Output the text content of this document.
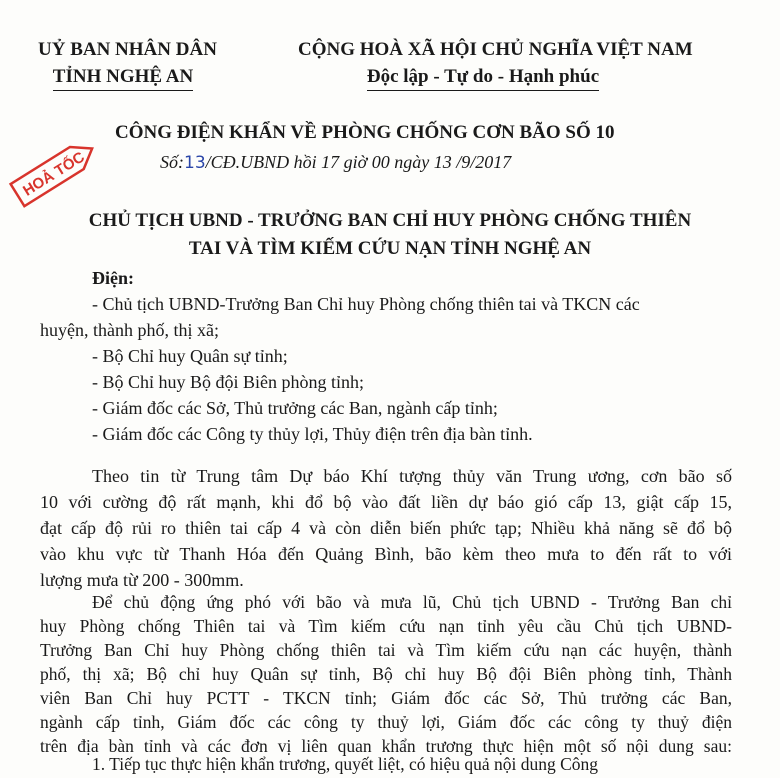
UỶ BAN NHÂN DÂN
TỈNH NGHỆ AN
CỘNG HOÀ XÃ HỘI CHỦ NGHĨA VIỆT NAM
Độc lập - Tự do - Hạnh phúc
HOẢ TỐC
CÔNG ĐIỆN KHẨN VỀ PHÒNG CHỐNG CƠN BÃO SỐ 10
Số:13/CĐ.UBND hồi 17 giờ 00 ngày 13 /9/2017
CHỦ TỊCH UBND - TRƯỞNG BAN CHỈ HUY PHÒNG CHỐNG THIÊN
TAI VÀ TÌM KIẾM CỨU NẠN TỈNH NGHỆ AN
Điện:
- Chủ tịch UBND-Trưởng Ban Chỉ huy Phòng chống thiên tai và TKCN các
huyện, thành phố, thị xã;
- Bộ Chỉ huy Quân sự tỉnh;
- Bộ Chỉ huy Bộ đội Biên phòng tỉnh;
- Giám đốc các Sở, Thủ trưởng các Ban, ngành cấp tỉnh;
- Giám đốc các Công ty thủy lợi, Thủy điện trên địa bàn tỉnh.
Theo tin từ Trung tâm Dự báo Khí tượng thủy văn Trung ương, cơn bão số
10 với cường độ rất mạnh, khi đổ bộ vào đất liền dự báo gió cấp 13, giật cấp 15,
đạt cấp độ rủi ro thiên tai cấp 4 và còn diễn biến phức tạp; Nhiều khả năng sẽ đổ bộ
vào khu vực từ Thanh Hóa đến Quảng Bình, bão kèm theo mưa to đến rất to với
lượng mưa từ 200 - 300mm.
Để chủ động ứng phó với bão và mưa lũ, Chủ tịch UBND - Trưởng Ban chỉ
huy Phòng chống Thiên tai và Tìm kiếm cứu nạn tỉnh yêu cầu Chủ tịch UBND-
Trưởng Ban Chỉ huy Phòng chống thiên tai và Tìm kiếm cứu nạn các huyện, thành
phố, thị xã; Bộ chỉ huy Quân sự tỉnh, Bộ chỉ huy Bộ đội Biên phòng tỉnh, Thành
viên Ban Chỉ huy PCTT - TKCN tỉnh; Giám đốc các Sở, Thủ trưởng các Ban,
ngành cấp tỉnh, Giám đốc các công ty thuỷ lợi, Giám đốc các công ty thuỷ điện
trên địa bàn tỉnh và các đơn vị liên quan khẩn trương thực hiện một số nội dung sau:
1. Tiếp tục thực hiện khẩn trương, quyết liệt, có hiệu quả nội dung Công
